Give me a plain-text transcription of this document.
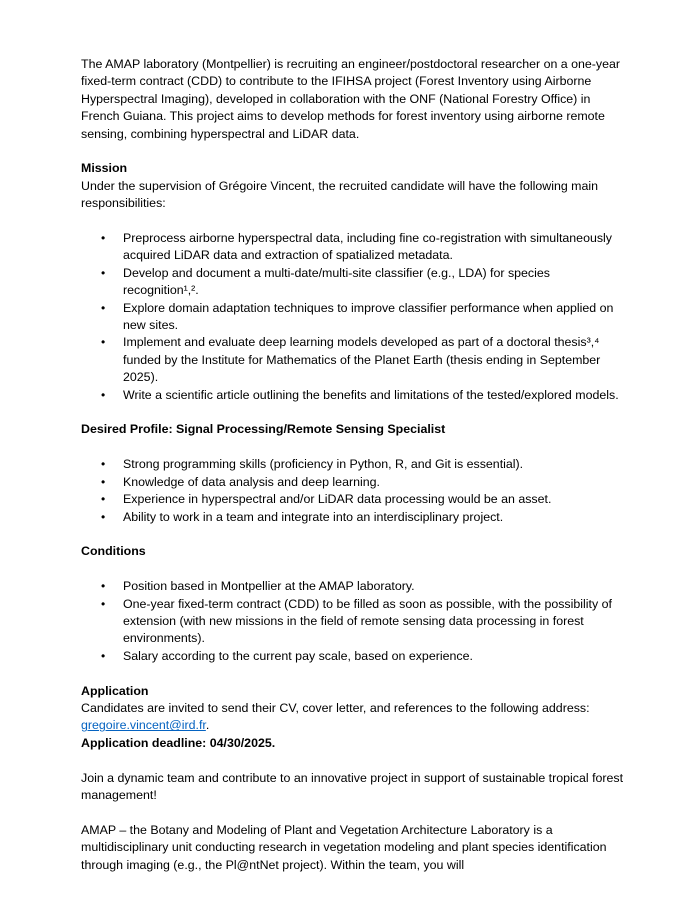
The AMAP laboratory (Montpellier) is recruiting an engineer/postdoctoral researcher on a one-year fixed-term contract (CDD) to contribute to the IFIHSA project (Forest Inventory using Airborne Hyperspectral Imaging), developed in collaboration with the ONF (National Forestry Office) in French Guiana. This project aims to develop methods for forest inventory using airborne remote sensing, combining hyperspectral and LiDAR data.

Mission

Under the supervision of Grégoire Vincent, the recruited candidate will have the following main responsibilities:

• Preprocess airborne hyperspectral data, including fine co-registration with simultaneously acquired LiDAR data and extraction of spatialized metadata.
• Develop and document a multi-date/multi-site classifier (e.g., LDA) for species recognition¹,².
• Explore domain adaptation techniques to improve classifier performance when applied on new sites.
• Implement and evaluate deep learning models developed as part of a doctoral thesis³,⁴ funded by the Institute for Mathematics of the Planet Earth (thesis ending in September 2025).
• Write a scientific article outlining the benefits and limitations of the tested/explored models.

Desired Profile: Signal Processing/Remote Sensing Specialist

• Strong programming skills (proficiency in Python, R, and Git is essential).
• Knowledge of data analysis and deep learning.
• Experience in hyperspectral and/or LiDAR data processing would be an asset.
• Ability to work in a team and integrate into an interdisciplinary project.

Conditions

• Position based in Montpellier at the AMAP laboratory.
• One-year fixed-term contract (CDD) to be filled as soon as possible, with the possibility of extension (with new missions in the field of remote sensing data processing in forest environments).
• Salary according to the current pay scale, based on experience.

Application

Candidates are invited to send their CV, cover letter, and references to the following address: gregoire.vincent@ird.fr.

Application deadline: 04/30/2025.

Join a dynamic team and contribute to an innovative project in support of sustainable tropical forest management!

AMAP – the Botany and Modeling of Plant and Vegetation Architecture Laboratory is a multidisciplinary unit conducting research in vegetation modeling and plant species identification through imaging (e.g., the Pl@ntNet project). Within the team, you will
